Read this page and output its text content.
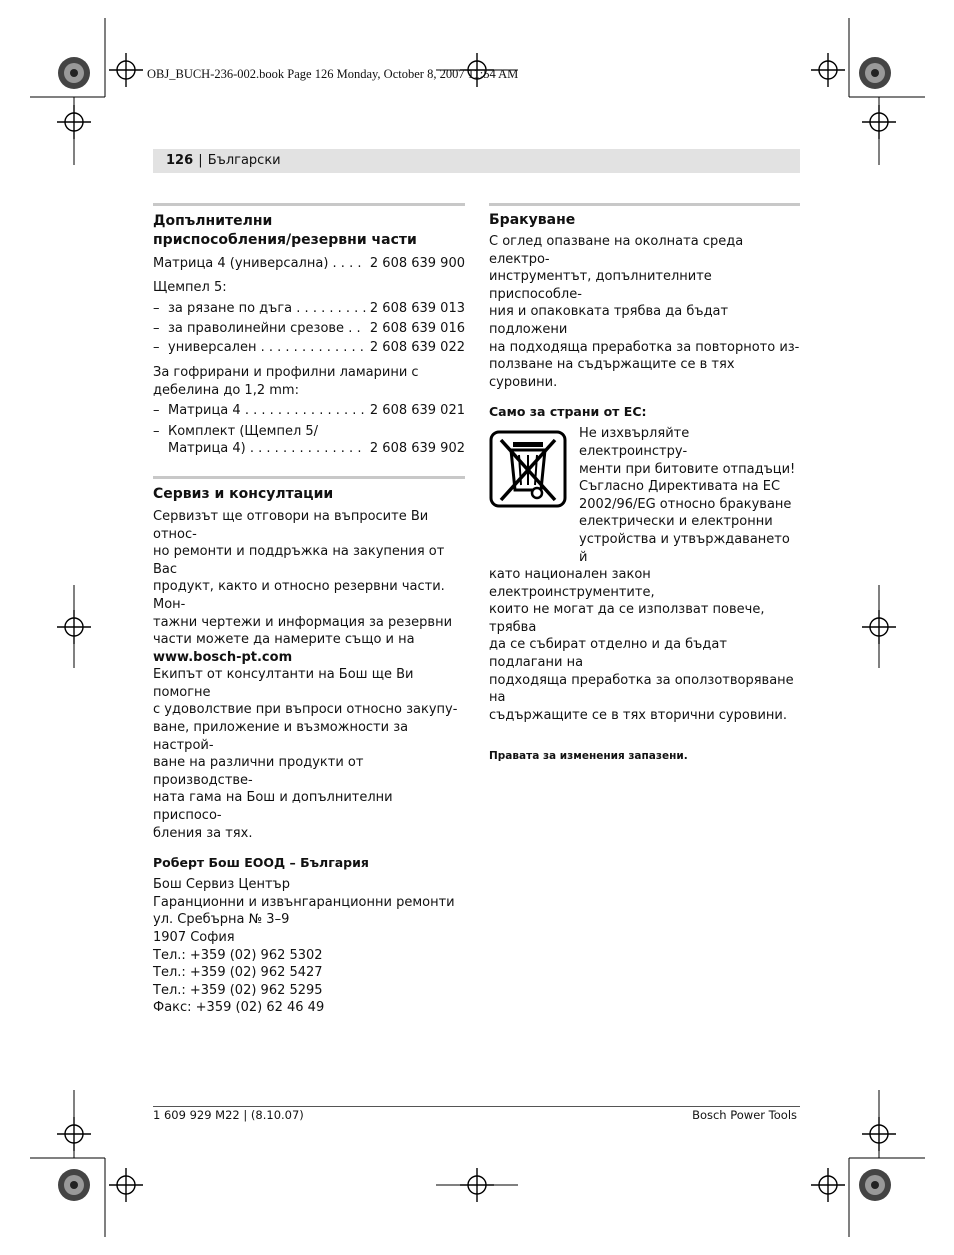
OBJ_BUCH-236-002.book Page 126 Monday, October 8, 2007 11:54 AM
126 | Български
Допълнителни
приспособления/резервни части
Матрица 4 (универсална) . . .	2 608 639 900

Щемпел 5:

– за рязане по дъга . . .	2 608 639 013
– за праволинейни срезове . . .	2 608 639 016
– универсален . . .	2 608 639 022

За гофрирани и профилни ламарини с

дебелина до 1,2 mm:

– Матрица 4 . . .	2 608 639 021
– Комплект (Щемпел 5/
Матрица 4) . . .	2 608 639 902
Сервиз и консултации

Сервизът ще отговори на въпросите Ви относ-

но ремонти и поддръжка на закупения от Вас

продукт, както и относно резервни части. Мон-

тажни чертежи и информация за резервни

части можете да намерите също и на

www.bosch-pt.com

Екипът от консултанти на Бош ще Ви помогне

с удоволствие при въпроси относно закупу-

ване, приложение и възможности за настрой-

ване на различни продукти от производстве-

ната гама на Бош и допълнителни приспосо-

бления за тях.

Роберт Бош ЕООД – България

Бош Сервиз Център

Гаранционни и извънгаранционни ремонти

ул. Сребърна № 3–9

1907 София

Тел.: +359 (02) 962 5302

Тел.: +359 (02) 962 5427

Тел.: +359 (02) 962 5295

Факс: +359 (02) 62 46 49

Бракуване

С оглед опазване на околната среда електро-

инструментът, допълнителните приспособле-

ния и опаковката трябва да бъдат подложени

на подходяща преработка за повторното из-

ползване на съдържащите се в тях суровини.

Само за страни от ЕС:

Не изхвърляйте електроинстру-

менти при битовите отпадъци!

Съгласно Директивата на ЕС

2002/96/EG относно бракуване

електрически и електронни

устройства и утвърждаването й

като национален закон електроинструментите,

които не могат да се използват повече, трябва

да се събират отделно и да бъдат подлагани на

подходяща преработка за оползотворяване на

съдържащите се в тях вторични суровини.

Правата за изменения запазени.

1 609 929 M22 | (8.10.07)	Bosch Power Tools
